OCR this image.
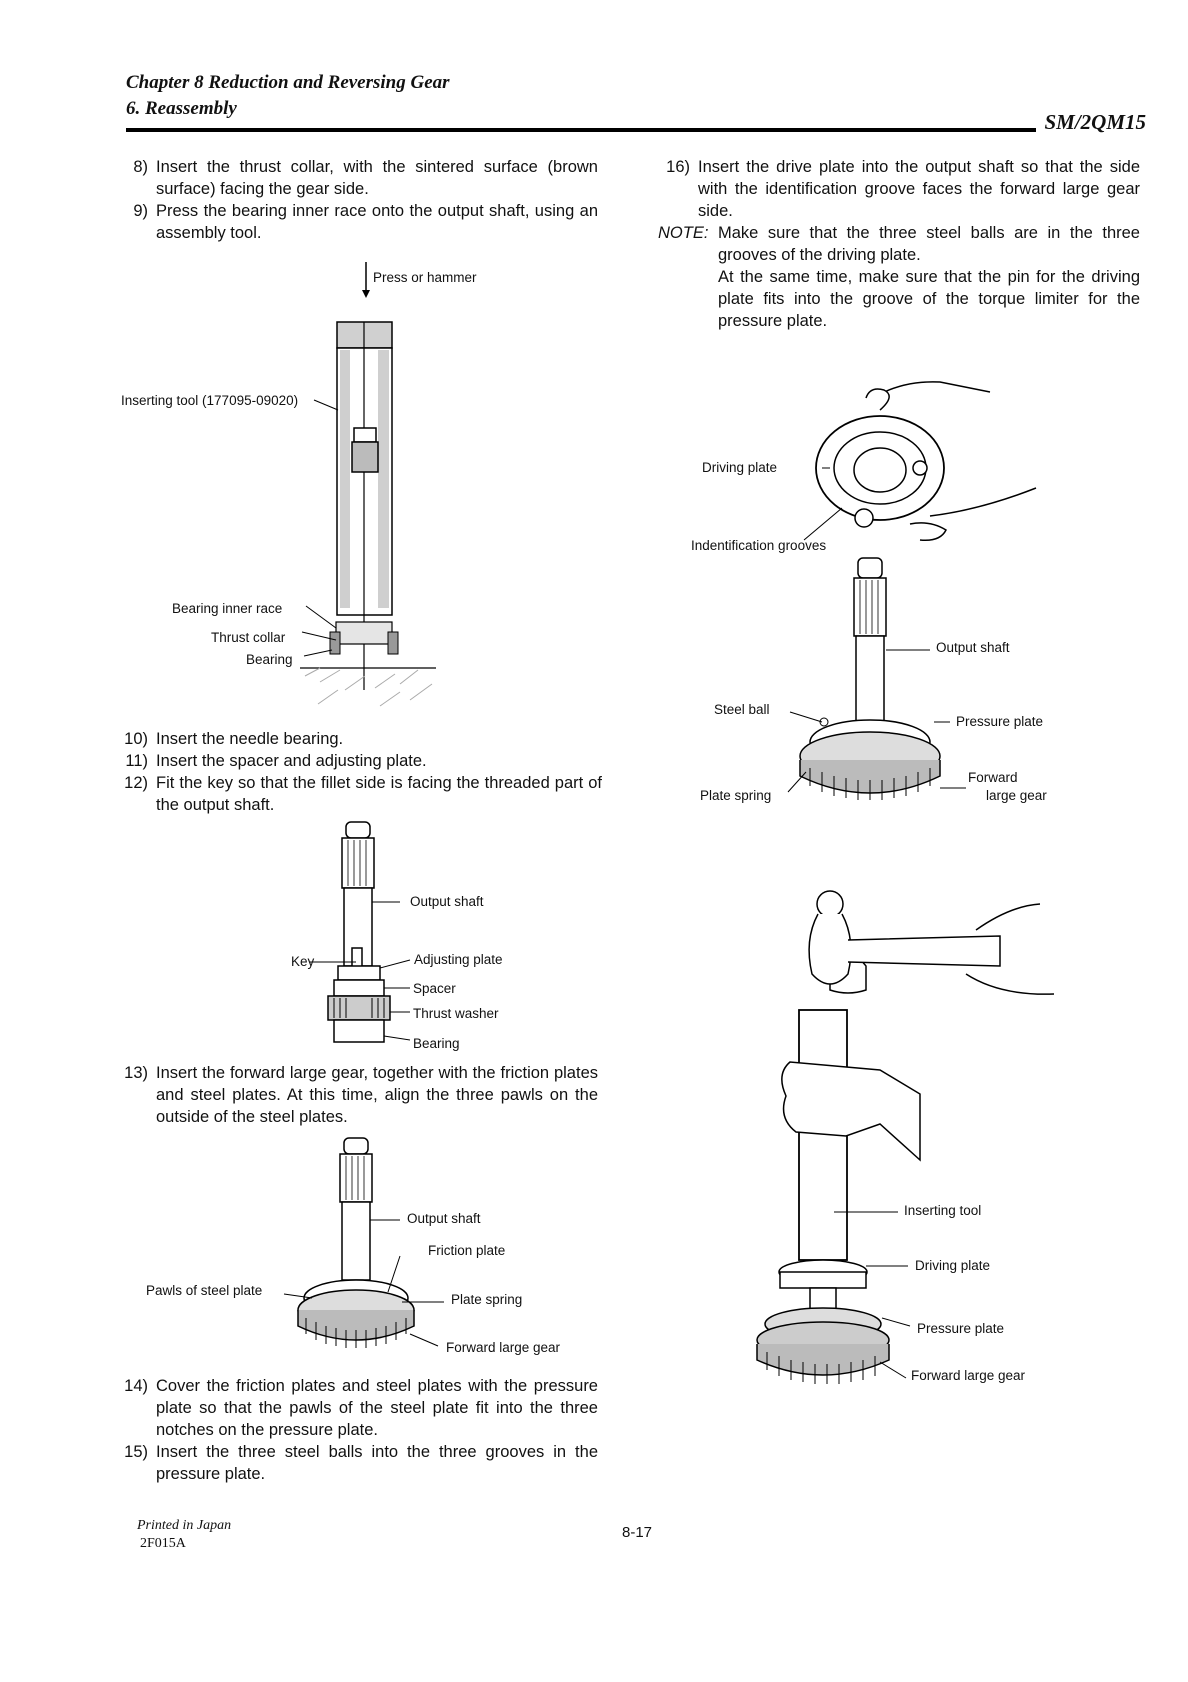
Chapter 8 Reduction and Reversing Gear
6. Reassembly
SM/2QM15
8) Insert the thrust collar, with the sintered surface (brown surface) facing the gear side.
9) Press the bearing inner race onto the output shaft, using an assembly tool.
Press or hammer
Inserting tool (177095-09020)
Bearing inner race
Thrust collar
Bearing
10) Insert the needle bearing.
11) Insert the spacer and adjusting plate.
12) Fit the key so that the fillet side is facing the threaded part of the output shaft.
Output shaft
Key	Adjusting plate
Spacer
Thrust washer
Bearing
13) Insert the forward large gear, together with the friction plates and steel plates. At this time, align the three pawls on the outside of the steel plates.
Output shaft
Friction plate
Pawls of steel plate
Plate spring
Forward large gear
14) Cover the friction plates and steel plates with the pressure plate so that the pawls of the steel plate fit into the three notches on the pressure plate.
15) Insert the three steel balls into the three grooves in the pressure plate.
16) Insert the drive plate into the output shaft so that the side with the identification groove faces the forward large gear side.
NOTE: Make sure that the three steel balls are in the three grooves of the driving plate.
At the same time, make sure that the pin for the driving plate fits into the groove of the torque limiter for the pressure plate.
Driving plate
Indentification grooves
Output shaft
Steel ball
Pressure plate
Plate spring
Forward
large gear
Inserting tool
Driving plate
Pressure plate
Forward large gear
Printed in Japan
2F015A
8-17
